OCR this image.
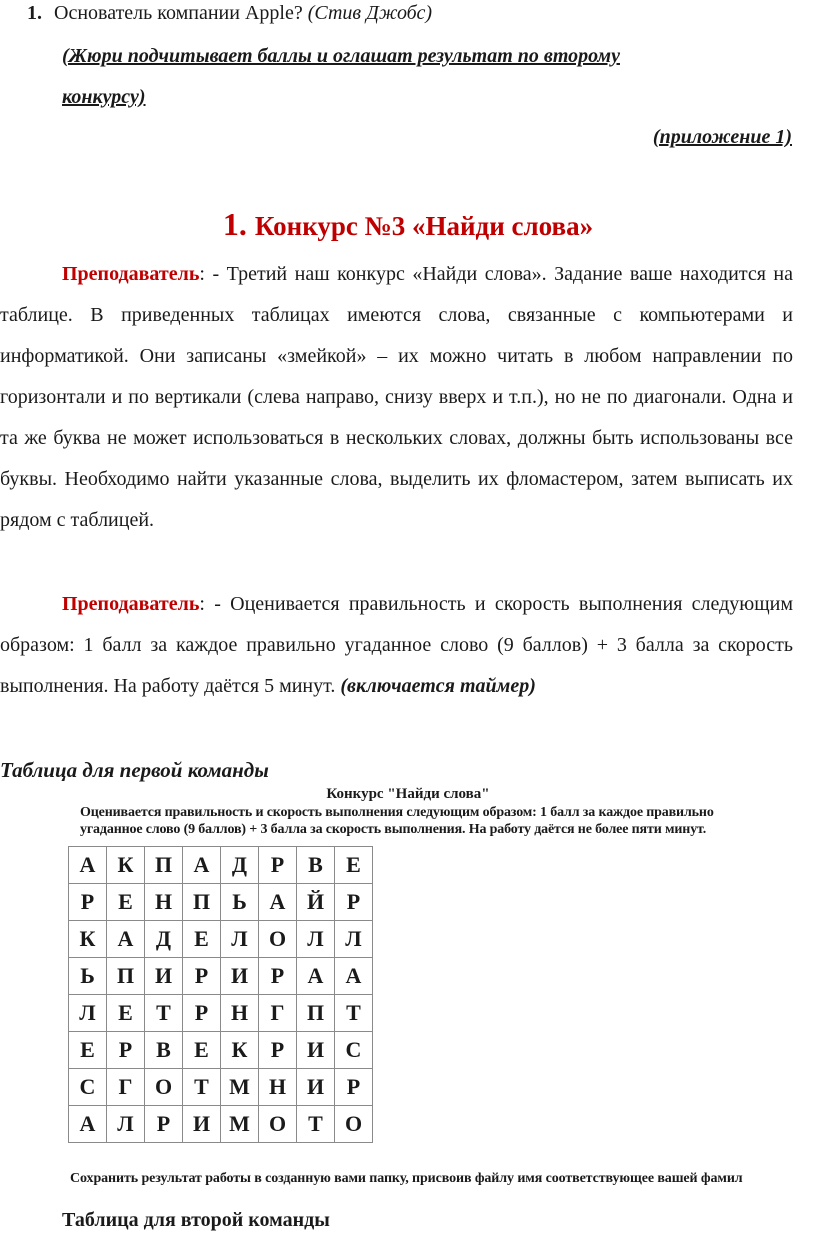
1. Основатель компании Apple? (Стив Джобс)
(Жюри подчитывает баллы и оглашат результат по второму
конкурсу)
(приложение 1)
1. Конкурс №3 «Найди слова»
Преподаватель: - Третий наш конкурс «Найди слова». Задание ваше находится на таблице. В приведенных таблицах имеются слова, связанные с компьютерами и информатикой. Они записаны «змейкой» – их можно читать в любом направлении по горизонтали и по вертикали (слева направо, снизу вверх и т.п.), но не по диагонали. Одна и та же буква не может использоваться в нескольких словах, должны быть использованы все буквы. Необходимо найти указанные слова, выделить их фломастером, затем выписать их рядом с таблицей.
Преподаватель: - Оценивается правильность и скорость выполнения следующим образом: 1 балл за каждое правильно угаданное слово (9 баллов) + 3 балла за скорость выполнения. На работу даётся 5 минут. (включается таймер)
Таблица для первой команды
Конкурс "Найди слова"
Оценивается правильность и скорость выполнения следующим образом: 1 балл за каждое правильно
угаданное слово (9 баллов) + 3 балла за скорость выполнения. На работу даётся не более пяти минут.
А	К	П	А	Д	Р	В	Е
Р	Е	Н	П	Ь	А	Й	Р
К	А	Д	Е	Л	О	Л	Л
Ь	П	И	Р	И	Р	А	А
Л	Е	Т	Р	Н	Г	П	Т
Е	Р	В	Е	К	Р	И	С
С	Г	О	Т	М	Н	И	Р
А	Л	Р	И	М	О	Т	О
Сохранить результат работы в созданную вами папку, присвоив файлу имя соответствующее вашей фамил
Таблица для второй команды
